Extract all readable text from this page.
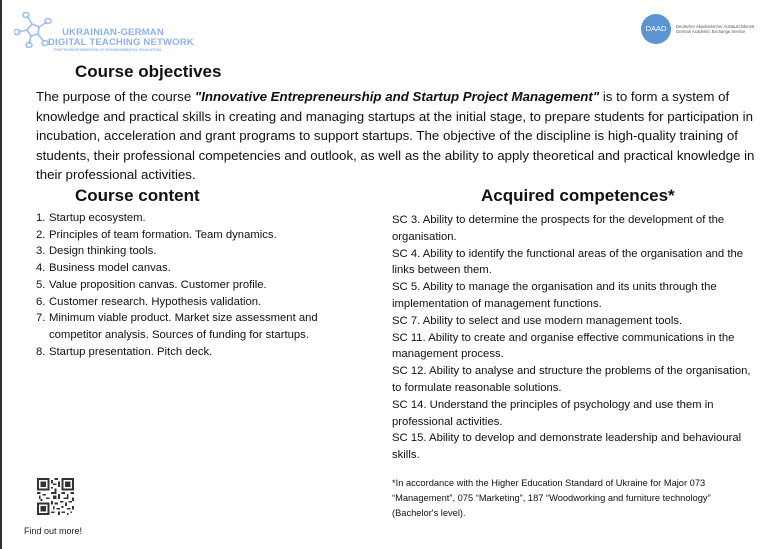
UKRAINIAN-GERMAN
DIGITAL TEACHING NETWORK
FOR TRANSFORMATION OF ENVIRONMENTAL EDUCATION
DAAD	Deutscher Akademischer Austauschdienst
German Academic Exchange Service
Course objectives

The purpose of the course "Innovative Entrepreneurship and Startup Project Management" is to form a system of knowledge and practical skills in creating and managing startups at the initial stage, to prepare students for participation in incubation, acceleration and grant programs to support startups. The objective of the discipline is high-quality training of students, their professional competencies and outlook, as well as the ability to apply theoretical and practical knowledge in their professional activities.

Course content
1. Startup ecosystem.
2. Principles of team formation. Team dynamics.
3. Design thinking tools.
4. Business model canvas.
5. Value proposition canvas. Customer profile.
6. Customer research. Hypothesis validation.
7. Minimum viable product. Market size assessment and competitor analysis. Sources of funding for startups.
8. Startup presentation. Pitch deck.
Acquired competences*
SC 3. Ability to determine the prospects for the development of the organisation.
SC 4. Ability to identify the functional areas of the organisation and the links between them.
SC 5. Ability to manage the organisation and its units through the implementation of management functions.
SC 7. Ability to select and use modern management tools.
SC 11. Ability to create and organise effective communications in the management process.
SC 12. Ability to analyse and structure the problems of the organisation, to formulate reasonable solutions.
SC 14. Understand the principles of psychology and use them in professional activities.
SC 15. Ability to develop and demonstrate leadership and behavioural skills.

*In accordance with the Higher Education Standard of Ukraine for Major 073 “Management”, 075 “Marketing”, 187 “Woodworking and furniture technology” (Bachelor's level).

Find out more!
